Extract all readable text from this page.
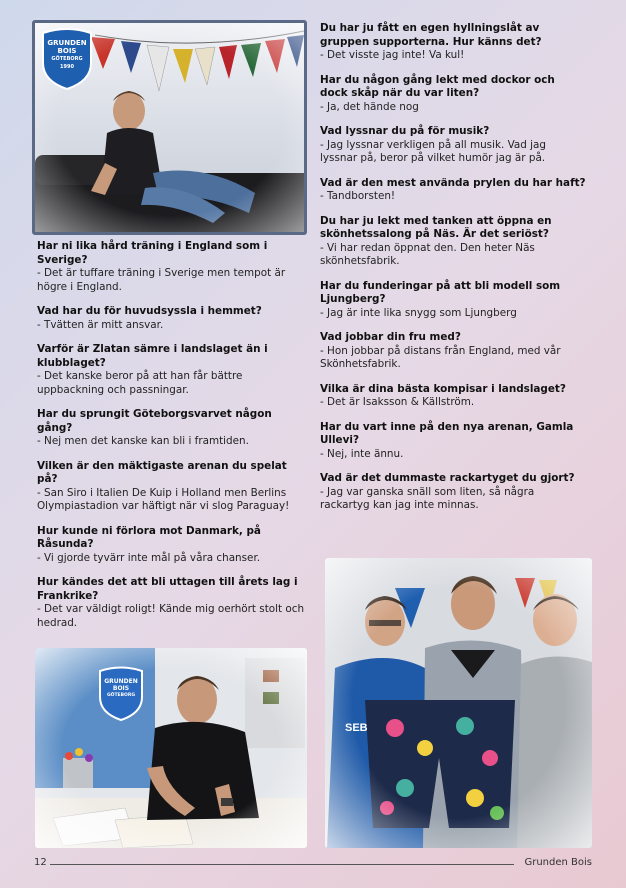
GRUNDEN
BOIS
GÖTEBORG
1990
Har ni lika hård träning i England som i Sverige?
- Det är tuffare träning i Sverige men tempot är högre i England.
Vad har du för huvudsyssla i hemmet?
- Tvätten är mitt ansvar.
Varför är Zlatan sämre i landslaget än i klubblaget?
- Det kanske beror på att han får bättre uppbackning och passningar.
Har du sprungit Göteborgsvarvet någon gång?
- Nej men det kanske kan bli i framtiden.
Vilken är den mäktigaste arenan du spelat på?
- San Siro i Italien De Kuip i Holland men Berlins Olympiastadion var häftigt när vi slog Paraguay!
Hur kunde ni förlora mot Danmark, på Råsunda?
- Vi gjorde tyvärr inte mål på våra chanser.
Hur kändes det att bli uttagen till årets lag i Frankrike?
- Det var väldigt roligt! Kände mig oerhört stolt och hedrad.
Du har ju fått en egen hyllningslåt av gruppen supporterna. Hur känns det?
- Det visste jag inte! Va kul!
Har du någon gång lekt med dockor och dock skåp när du var liten?
- Ja, det hände nog
Vad lyssnar du på för musik?
- Jag lyssnar verkligen på all musik. Vad jag lyssnar på, beror på vilket humör jag är på.
Vad är den mest använda prylen du har haft?
- Tandborsten!
Du har ju lekt med tanken att öppna en skönhetssalong på Näs. Är det seriöst?
- Vi har redan öppnat den. Den heter Näs skönhetsfabrik.
Har du funderingar på att bli modell som Ljungberg?
- Jag är inte lika snygg som Ljungberg
Vad jobbar din fru med?
- Hon jobbar på distans från England, med vår Skönhetsfabrik.
Vilka är dina bästa kompisar i landslaget?
- Det är Isaksson & Källström.
Har du vart inne på den nya arenan, Gamla Ullevi?
- Nej, inte ännu.
Vad är det dummaste rackartyget du gjort?
- Jag var ganska snäll som liten, så några rackartyg kan jag inte minnas.
GRUNDEN
BOIS
GÖTEBORG
SEB
12	Grunden Bois
